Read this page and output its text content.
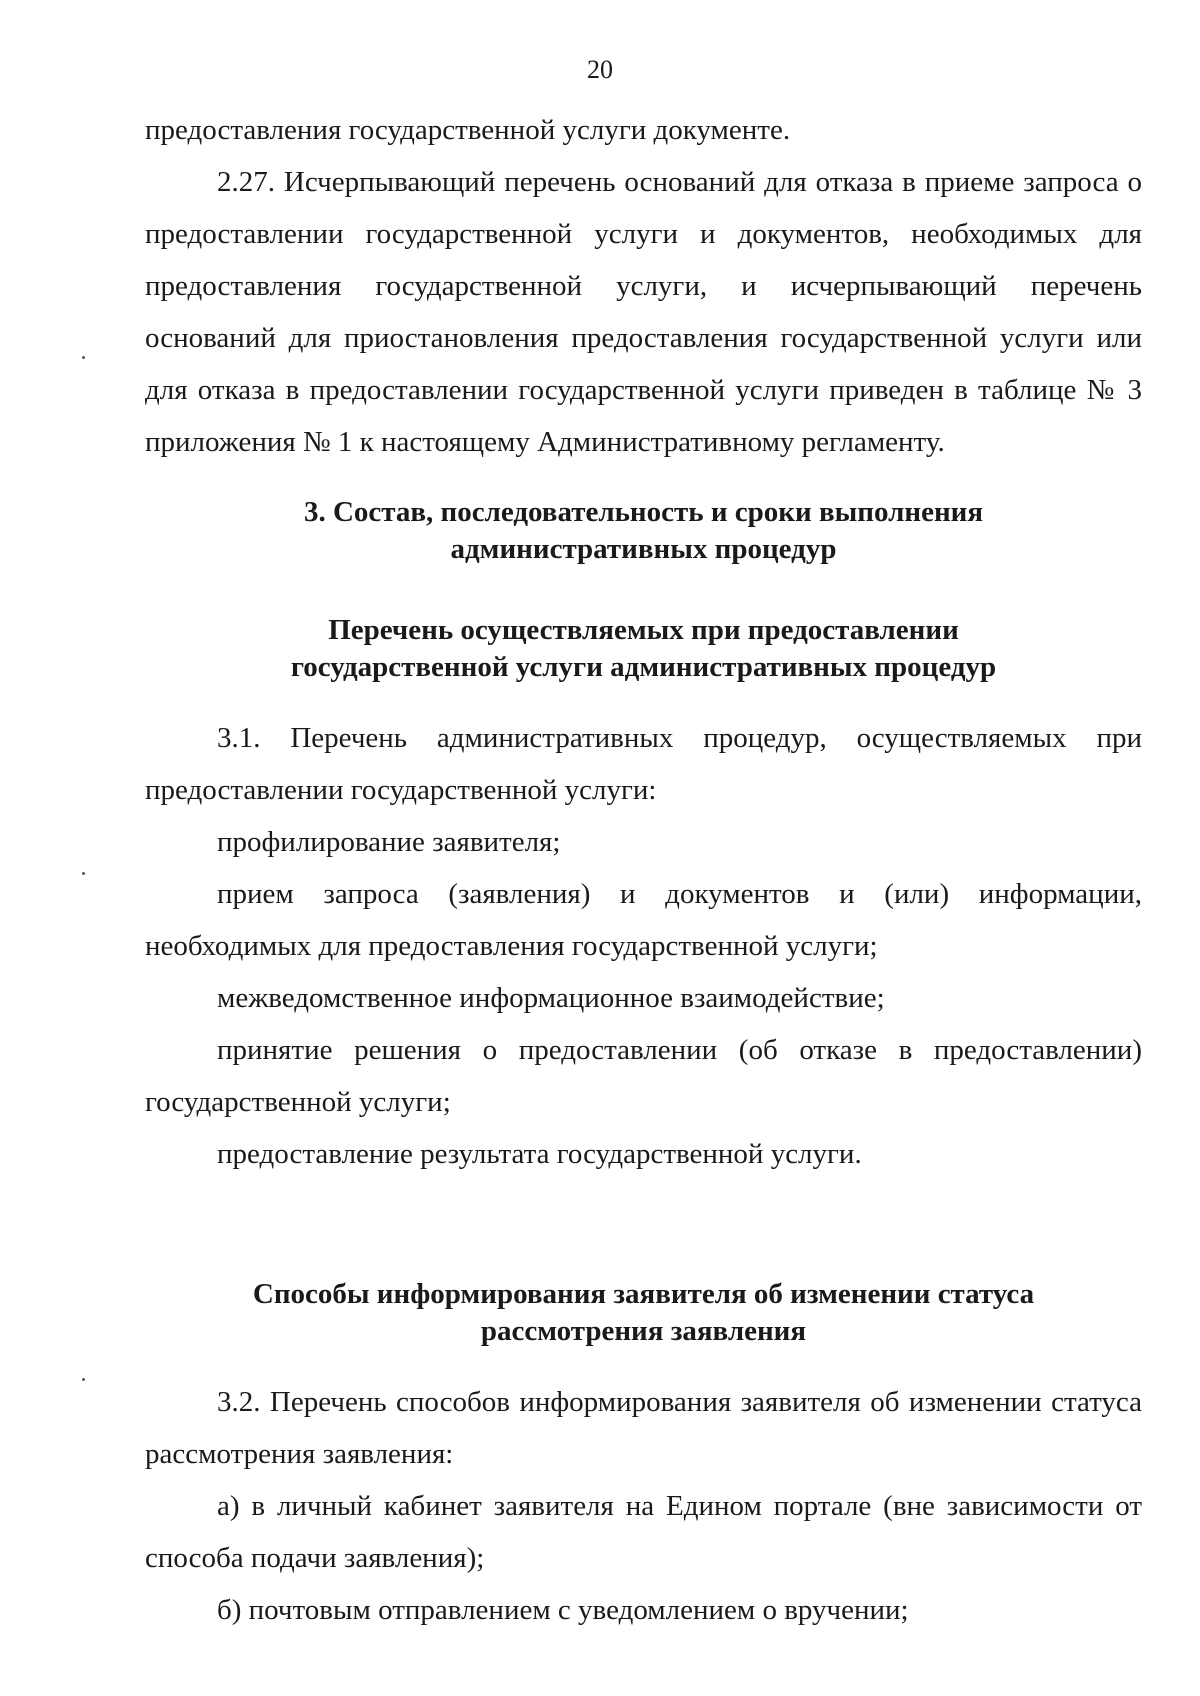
20

предоставления государственной услуги документе.

2.27. Исчерпывающий перечень оснований для отказа в приеме запроса о предоставлении государственной услуги и документов, необходимых для предоставления государственной услуги, и исчерпывающий перечень оснований для приостановления предоставления государственной услуги или для отказа в предоставлении государственной услуги приведен в таблице № 3 приложения № 1 к настоящему Административному регламенту.

3. Состав, последовательность и сроки выполнения

административных процедур

Перечень осуществляемых при предоставлении

государственной услуги административных процедур

3.1. Перечень административных процедур, осуществляемых при предоставлении государственной услуги:

профилирование заявителя;

прием запроса (заявления) и документов и (или) информации, необходимых для предоставления государственной услуги;

межведомственное информационное взаимодействие;

принятие решения о предоставлении (об отказе в предоставлении) государственной услуги;

предоставление результата государственной услуги.

Способы информирования заявителя об изменении статуса

рассмотрения заявления

3.2. Перечень способов информирования заявителя об изменении статуса рассмотрения заявления:

а) в личный кабинет заявителя на Едином портале (вне зависимости от способа подачи заявления);

б) почтовым отправлением с уведомлением о вручении;
